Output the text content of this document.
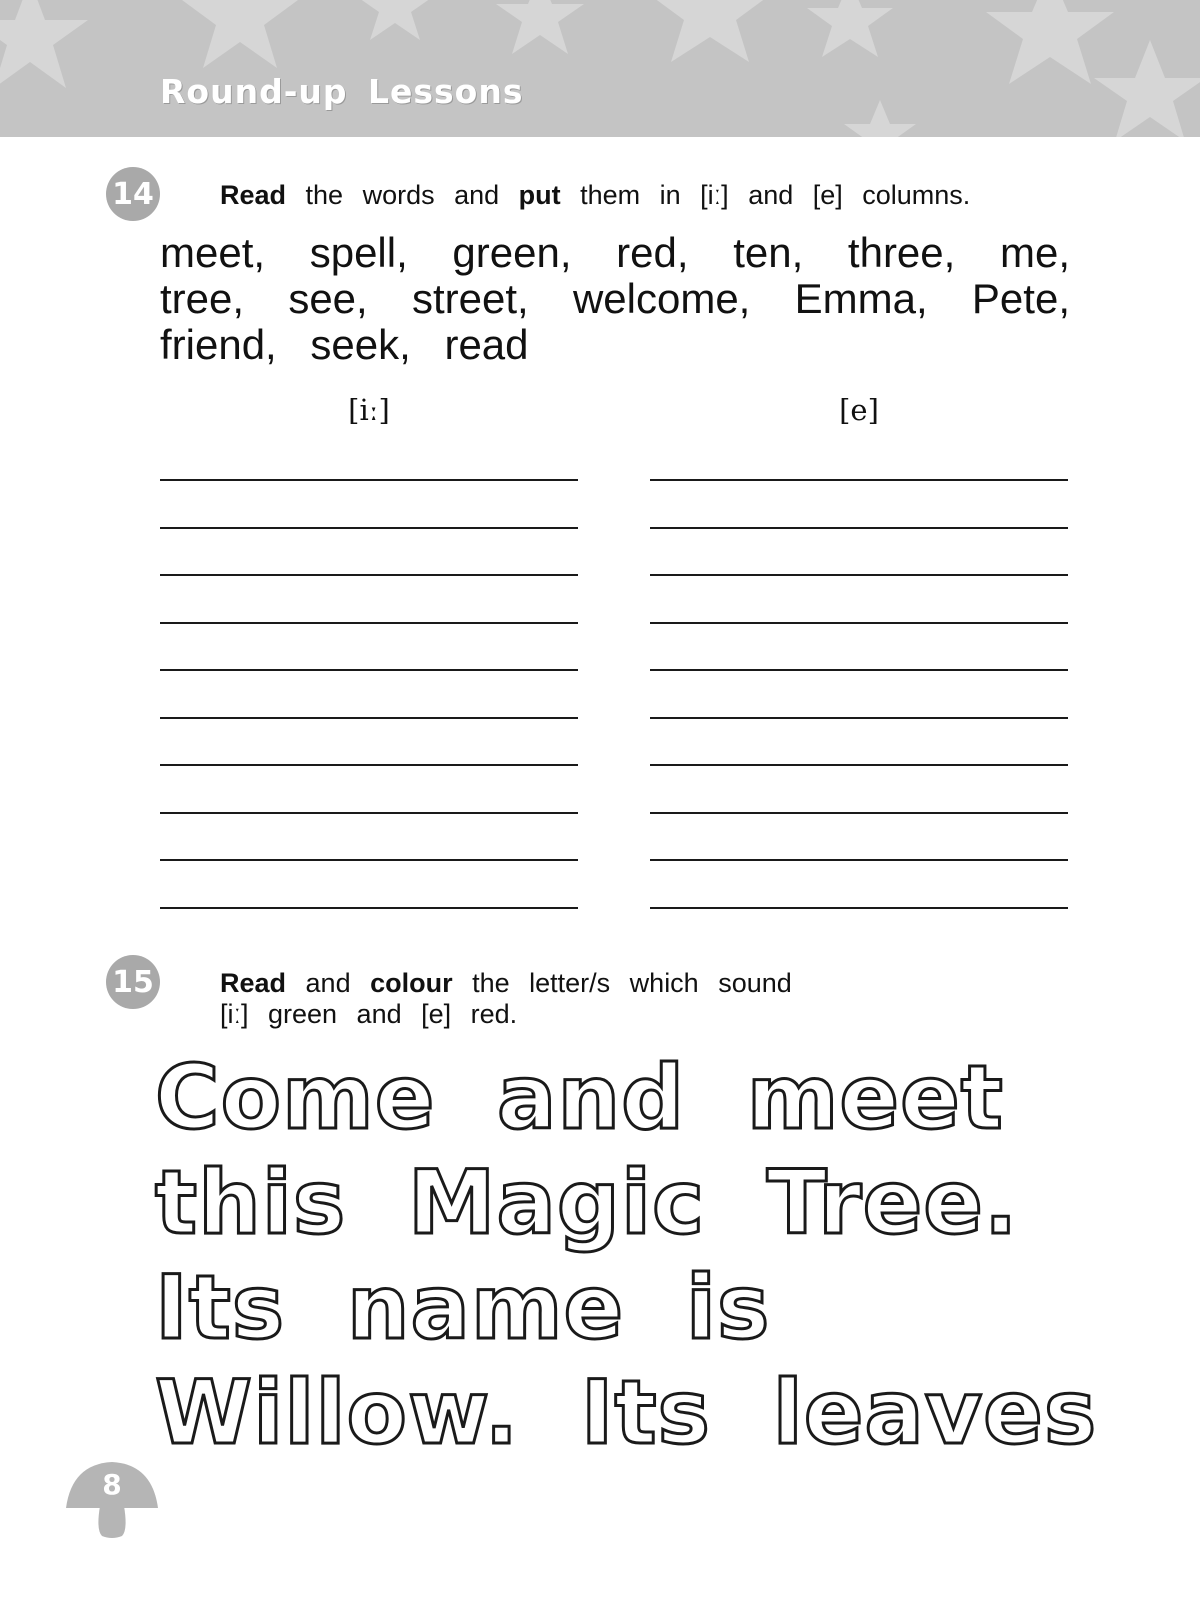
Round-up Lessons
14 Read the words and put them in [iː] and [e] columns.
meet, spell, green, red, ten, three, me,
tree, see, street, welcome, Emma, Pete,
friend, seek, read
[iː]	[e]
15 Read and colour the letter/s which sound
[iː] green and [e] red.
Come and meet
this Magic Tree.
Its name is
Willow. Its leaves
8
